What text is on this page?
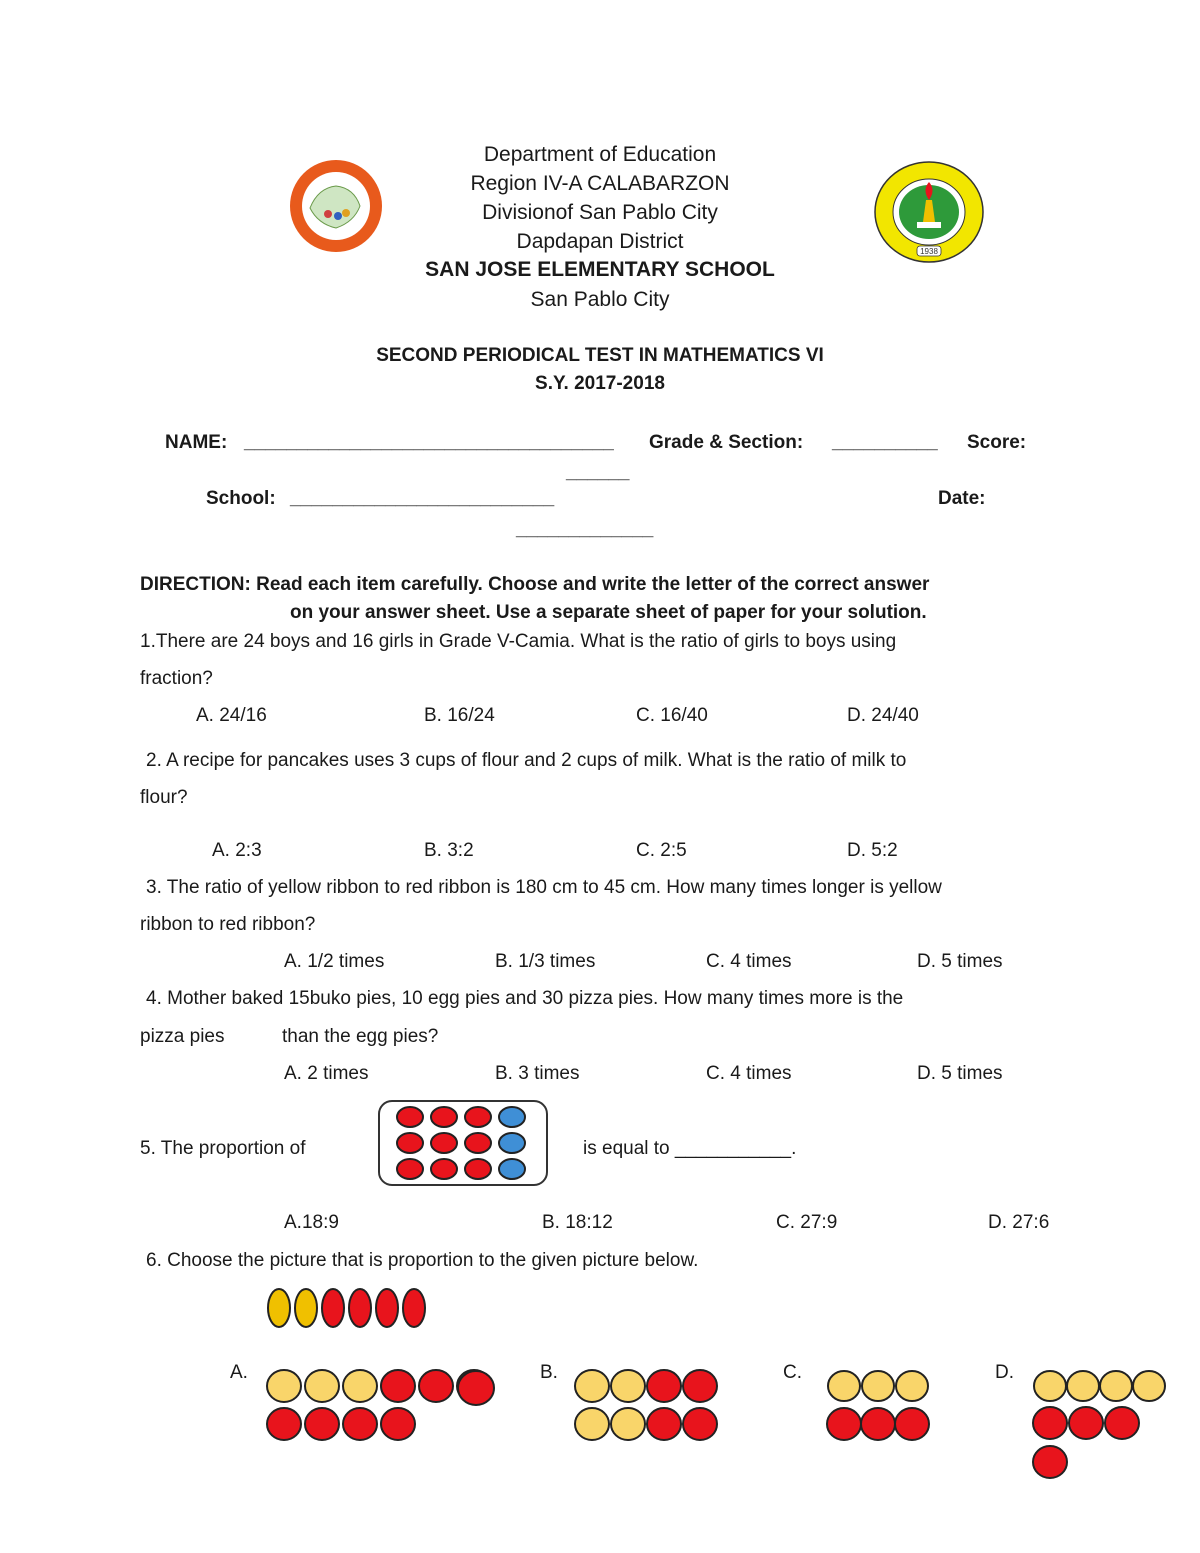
1938
Department of Education
Region IV-A CALABARZON
Divisionof San Pablo City
Dapdapan District
SAN JOSE ELEMENTARY SCHOOL
San Pablo City
SECOND PERIODICAL TEST IN MATHEMATICS VI
S.Y. 2017-2018
NAME: ___________________________________ Grade & Section: __________ Score:
______
School: _________________________	Date:
_____________
DIRECTION: Read each item carefully. Choose and write the letter of the correct answer
on your answer sheet. Use a separate sheet of paper for your solution.
1.There are 24 boys and 16 girls in Grade V-Camia. What is the ratio of girls to boys using
fraction?
A. 24/16	B. 16/24	C. 16/40	D. 24/40
2. A recipe for pancakes uses 3 cups of flour and 2 cups of milk. What is the ratio of milk to
flour?
A. 2:3	B. 3:2	C. 2:5	D. 5:2
3. The ratio of yellow ribbon to red ribbon is 180 cm to 45 cm. How many times longer is yellow
ribbon to red ribbon?
A. 1/2 times	B. 1/3 times	C. 4 times	D. 5 times
4. Mother baked 15buko pies, 10 egg pies and 30 pizza pies. How many times more is the
pizza pies	than the egg pies?
A. 2 times	B. 3 times	C. 4 times	D. 5 times
5. The proportion of	is equal to ___________.
A.18:9	B. 18:12	C. 27:9	D. 27:6
6. Choose the picture that is proportion to the given picture below.
A.	B.	C.	D.
